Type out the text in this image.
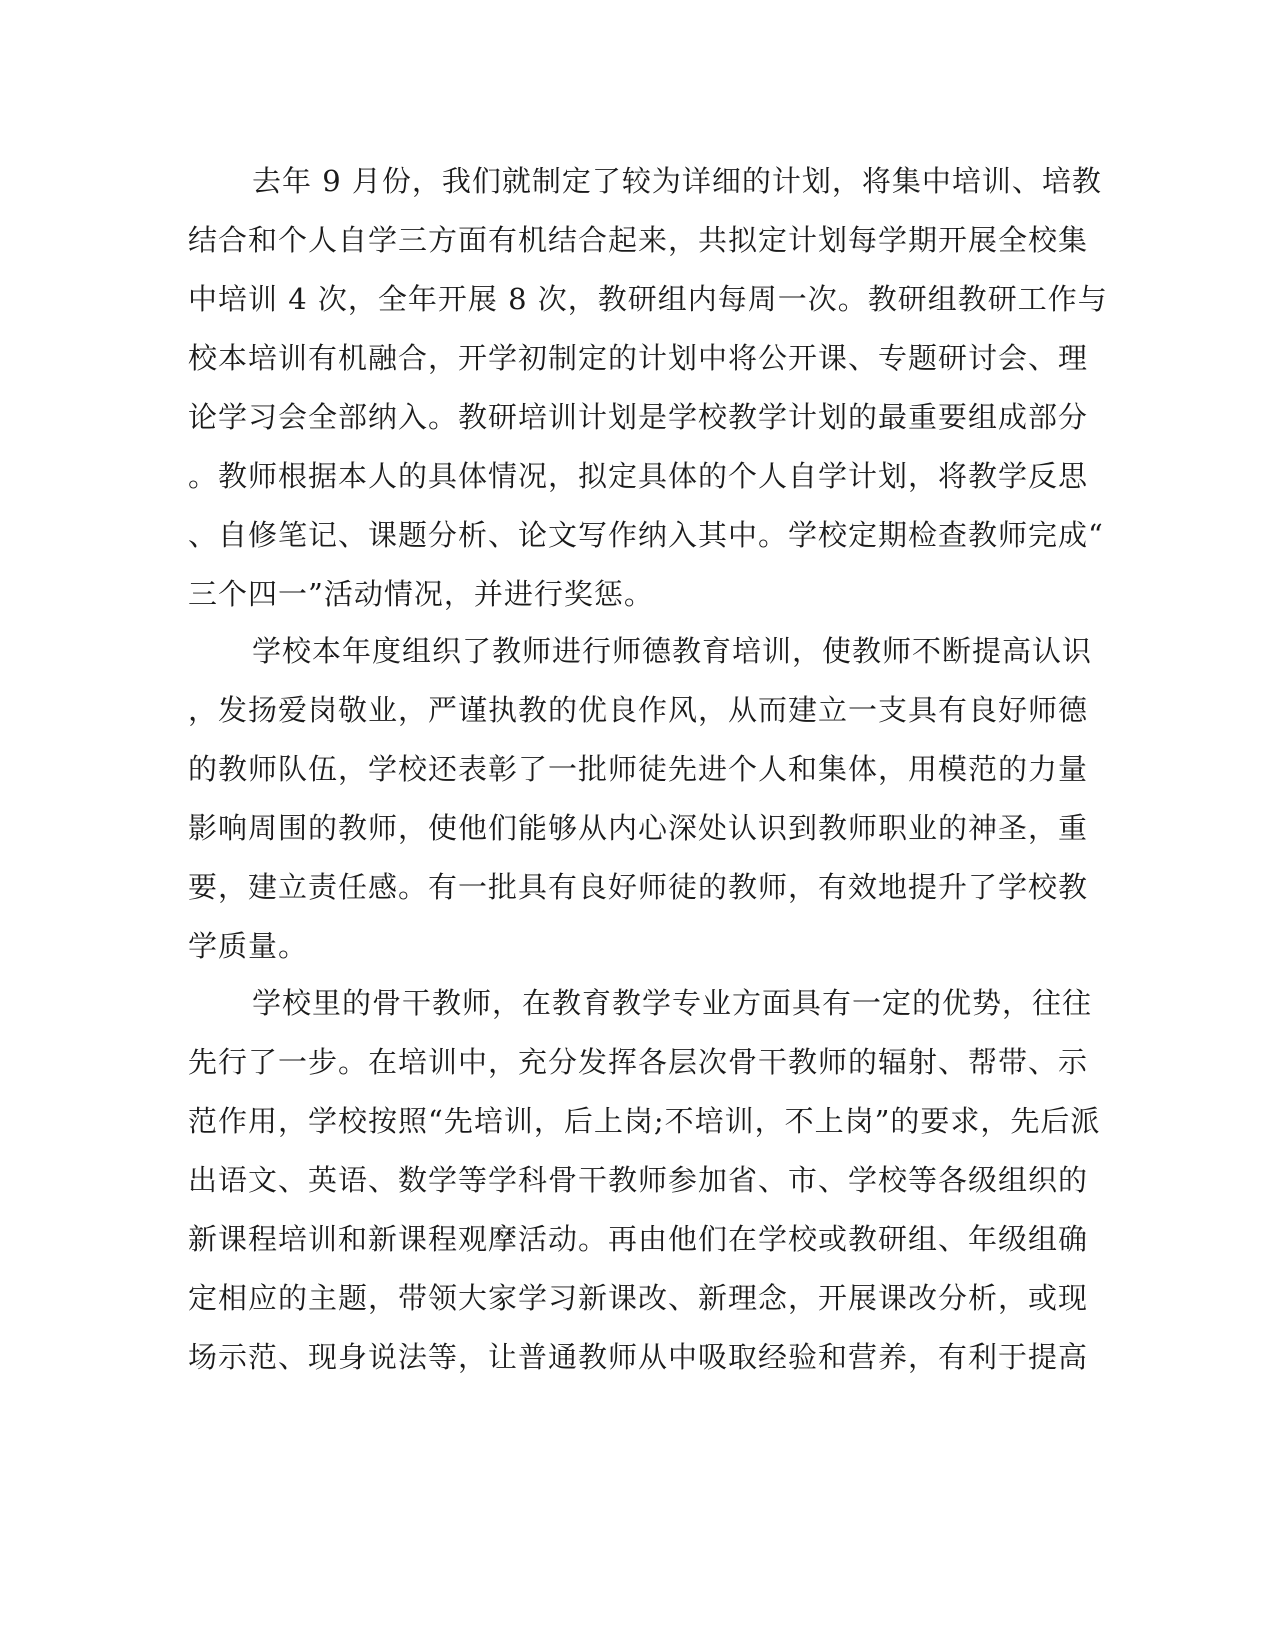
去年 9 月份，我们就制定了较为详细的计划，将集中培训、培教
结合和个人自学三方面有机结合起来，共拟定计划每学期开展全校集
中培训 4 次，全年开展 8 次，教研组内每周一次。教研组教研工作与
校本培训有机融合，开学初制定的计划中将公开课、专题研讨会、理
论学习会全部纳入。教研培训计划是学校教学计划的最重要组成部分
。教师根据本人的具体情况，拟定具体的个人自学计划，将教学反思
、自修笔记、课题分析、论文写作纳入其中。学校定期检查教师完成“
三个四一”活动情况，并进行奖惩。
学校本年度组织了教师进行师德教育培训，使教师不断提高认识
，发扬爱岗敬业，严谨执教的优良作风，从而建立一支具有良好师德
的教师队伍，学校还表彰了一批师徒先进个人和集体，用模范的力量
影响周围的教师，使他们能够从内心深处认识到教师职业的神圣，重
要，建立责任感。有一批具有良好师徒的教师，有效地提升了学校教
学质量。
学校里的骨干教师，在教育教学专业方面具有一定的优势，往往
先行了一步。在培训中，充分发挥各层次骨干教师的辐射、帮带、示
范作用，学校按照“先培训，后上岗;不培训，不上岗”的要求，先后派
出语文、英语、数学等学科骨干教师参加省、市、学校等各级组织的
新课程培训和新课程观摩活动。再由他们在学校或教研组、年级组确
定相应的主题，带领大家学习新课改、新理念，开展课改分析，或现
场示范、现身说法等，让普通教师从中吸取经验和营养，有利于提高
